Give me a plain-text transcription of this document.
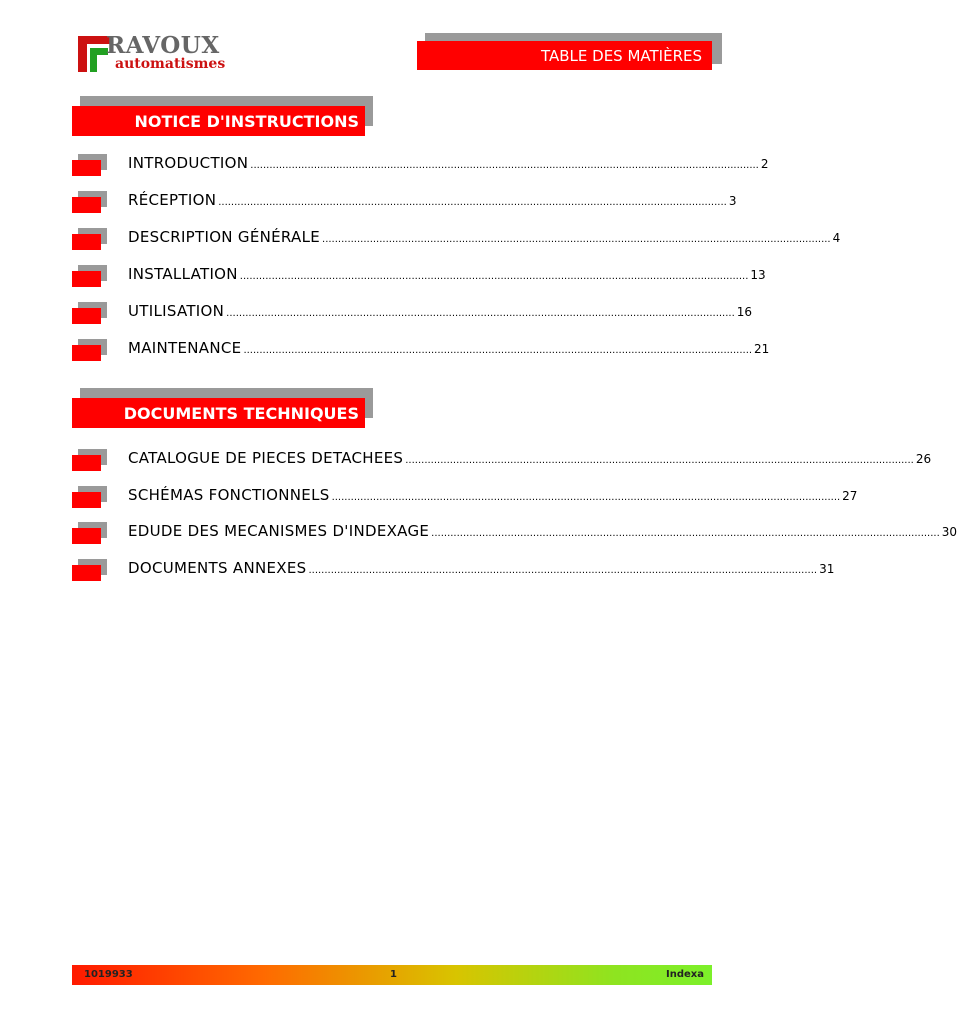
RAVOUX
automatismes	TABLE DES MATIÈRES
NOTICE D'INSTRUCTIONS
INTRODUCTION ................................................................................................................................................................ 2
RÉCEPTION ................................................................................................................................................................ 3
DESCRIPTION GÉNÉRALE ................................................................................................................................................................ 4
INSTALLATION ................................................................................................................................................................ 13
UTILISATION ................................................................................................................................................................ 16
MAINTENANCE ................................................................................................................................................................ 21
DOCUMENTS TECHNIQUES
CATALOGUE DE PIECES DETACHEES ................................................................................................................................................................ 26
SCHÉMAS FONCTIONNELS ................................................................................................................................................................ 27
EDUDE DES MECANISMES D'INDEXAGE ................................................................................................................................................................ 30
DOCUMENTS ANNEXES ................................................................................................................................................................ 31
1019933	1	Indexa
